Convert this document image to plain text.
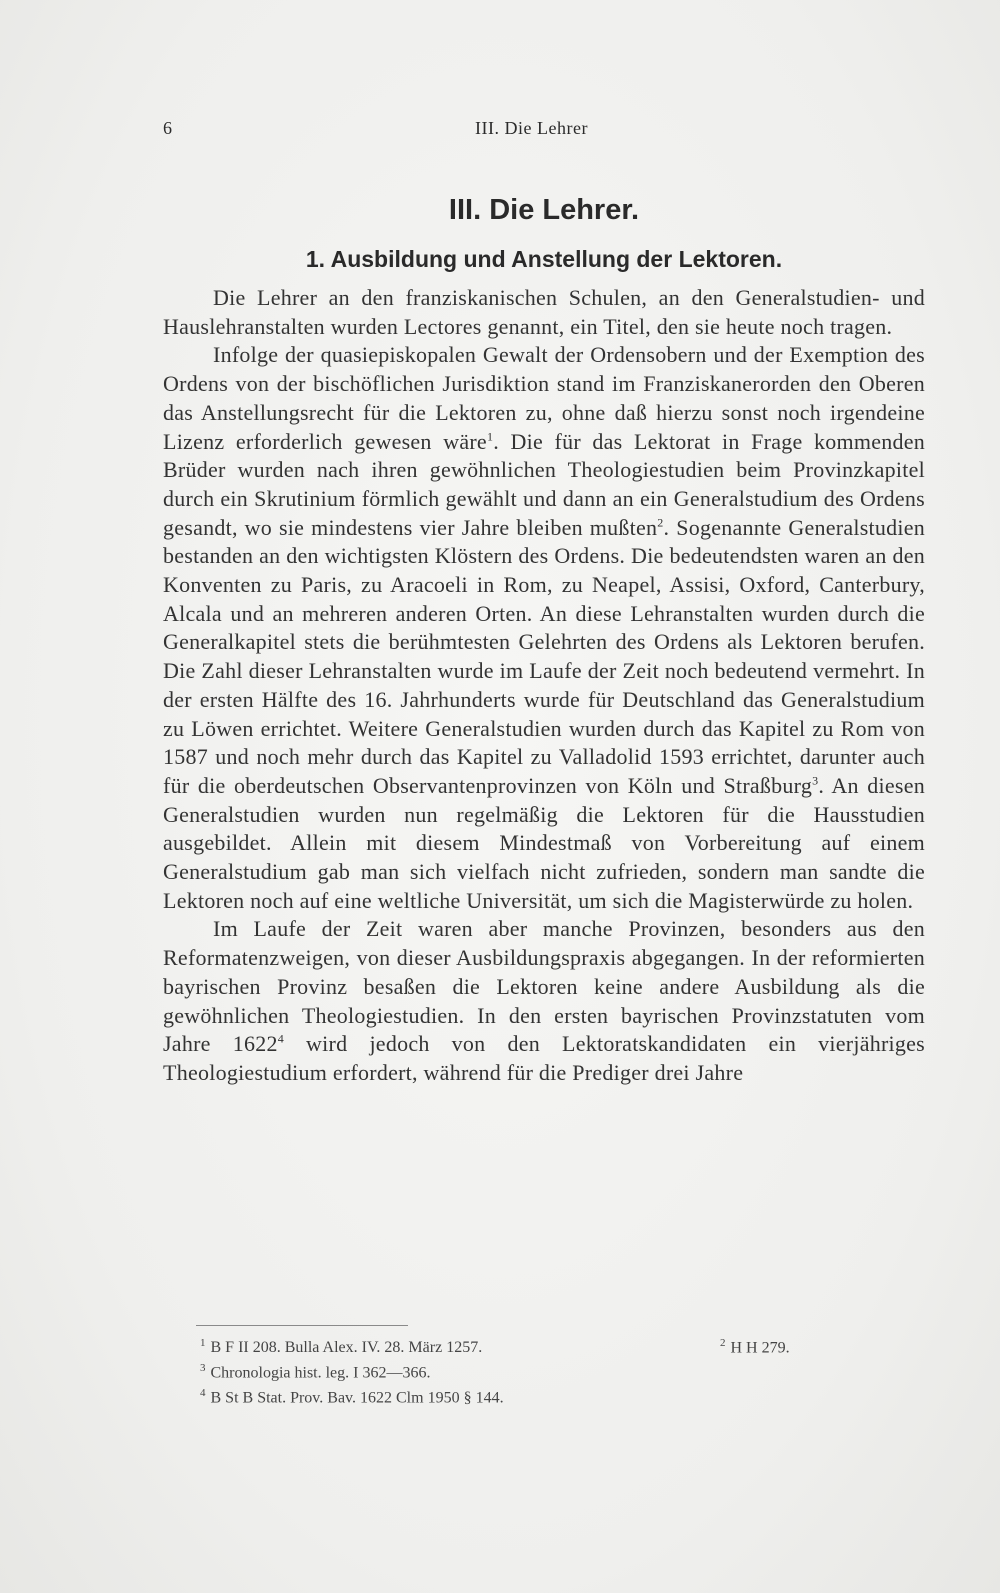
6	III. Die Lehrer
III. Die Lehrer.
1. Ausbildung und Anstellung der Lektoren.

Die Lehrer an den franziskanischen Schulen, an den Generalstudien- und Hauslehranstalten wurden Lectores genannt, ein Titel, den sie heute noch tragen.

Infolge der quasiepiskopalen Gewalt der Ordensobern und der Exemption des Ordens von der bischöflichen Jurisdiktion stand im Franziskanerorden den Oberen das Anstellungsrecht für die Lektoren zu, ohne daß hierzu sonst noch irgendeine Lizenz erforderlich gewesen wäre$^1$. Die für das Lektorat in Frage kommenden Brüder wurden nach ihren gewöhnlichen Theologiestudien beim Provinzkapitel durch ein Skrutinium förmlich gewählt und dann an ein Generalstudium des Ordens gesandt, wo sie mindestens vier Jahre bleiben mußten$^2$. Sogenannte Generalstudien bestanden an den wichtigsten Klöstern des Ordens. Die bedeutendsten waren an den Konventen zu Paris, zu Aracoeli in Rom, zu Neapel, Assisi, Oxford, Canterbury, Alcala und an mehreren anderen Orten. An diese Lehranstalten wurden durch die Generalkapitel stets die berühmtesten Gelehrten des Ordens als Lektoren berufen. Die Zahl dieser Lehranstalten wurde im Laufe der Zeit noch bedeutend vermehrt. In der ersten Hälfte des 16. Jahrhunderts wurde für Deutschland das Generalstudium zu Löwen errichtet. Weitere Generalstudien wurden durch das Kapitel zu Rom von 1587 und noch mehr durch das Kapitel zu Valladolid 1593 errichtet, darunter auch für die oberdeutschen Observantenprovinzen von Köln und Straßburg$^3$. An diesen Generalstudien wurden nun regelmäßig die Lektoren für die Hausstudien ausgebildet. Allein mit diesem Mindestmaß von Vorbereitung auf einem Generalstudium gab man sich vielfach nicht zufrieden, sondern man sandte die Lektoren noch auf eine weltliche Universität, um sich die Magisterwürde zu holen.

Im Laufe der Zeit waren aber manche Provinzen, besonders aus den Reformatenzweigen, von dieser Ausbildungspraxis abgegangen. In der reformierten bayrischen Provinz besaßen die Lektoren keine andere Ausbildung als die gewöhnlichen Theologiestudien. In den ersten bayrischen Provinzstatuten vom Jahre 1622$^4$ wird jedoch von den Lektoratskandidaten ein vierjähriges Theologiestudium erfordert, während für die Prediger drei Jahre

$^1$ B F II 208. Bulla Alex. IV. 28. März 1257.	$^2$ H H 279.
$^3$ Chronologia hist. leg. I 362—366.
$^4$ B St B Stat. Prov. Bav. 1622 Clm 1950 § 144.
